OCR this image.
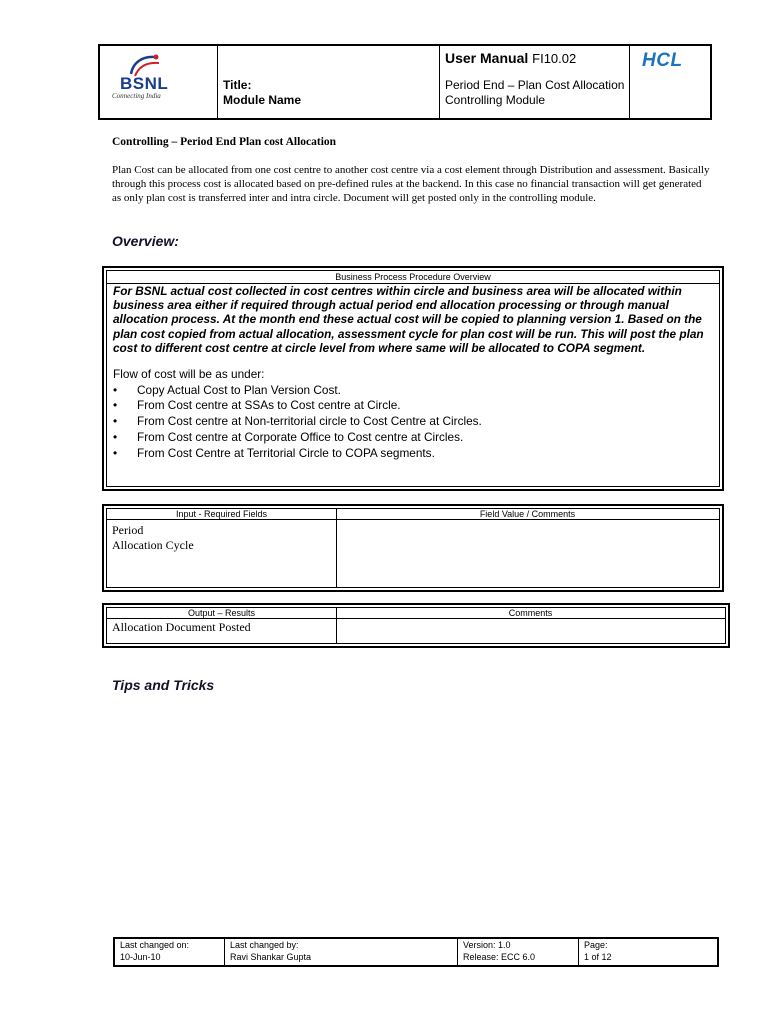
BSNL
Connecting India
Title:
Module Name
User Manual FI10.02
Period End – Plan Cost Allocation
Controlling Module
HCL
Controlling – Period End Plan cost Allocation
Plan Cost can be allocated from one cost centre to another cost centre via a cost element through Distribution and assessment. Basically through this process cost is allocated based on pre-defined rules at the backend. In this case no financial transaction will get generated as only plan cost is transferred inter and intra circle. Document will get posted only in the controlling module.
Overview:
Business Process Procedure Overview
For BSNL actual cost collected in cost centres within circle and business area will be allocated within business area either if required through actual period end allocation processing or through manual allocation process. At the month end these actual cost will be copied to planning version 1. Based on the plan cost copied from actual allocation, assessment cycle for plan cost will be run. This will post the plan cost to different cost centre at circle level from where same will be allocated to COPA segment.
Flow of cost will be as under:
• Copy Actual Cost to Plan Version Cost.
• From Cost centre at SSAs to Cost centre at Circle.
• From Cost centre at Non-territorial circle to Cost Centre at Circles.
• From Cost centre at Corporate Office to Cost centre at Circles.
• From Cost Centre at Territorial Circle to COPA segments.
Input - Required Fields	Field Value / Comments
Period
Allocation Cycle
Output – Results	Comments
Allocation Document Posted
Tips and Tricks
Last changed on:
10-Jun-10
Last changed by:
Ravi Shankar Gupta
Version: 1.0
Release: ECC 6.0
Page:
1 of 12
